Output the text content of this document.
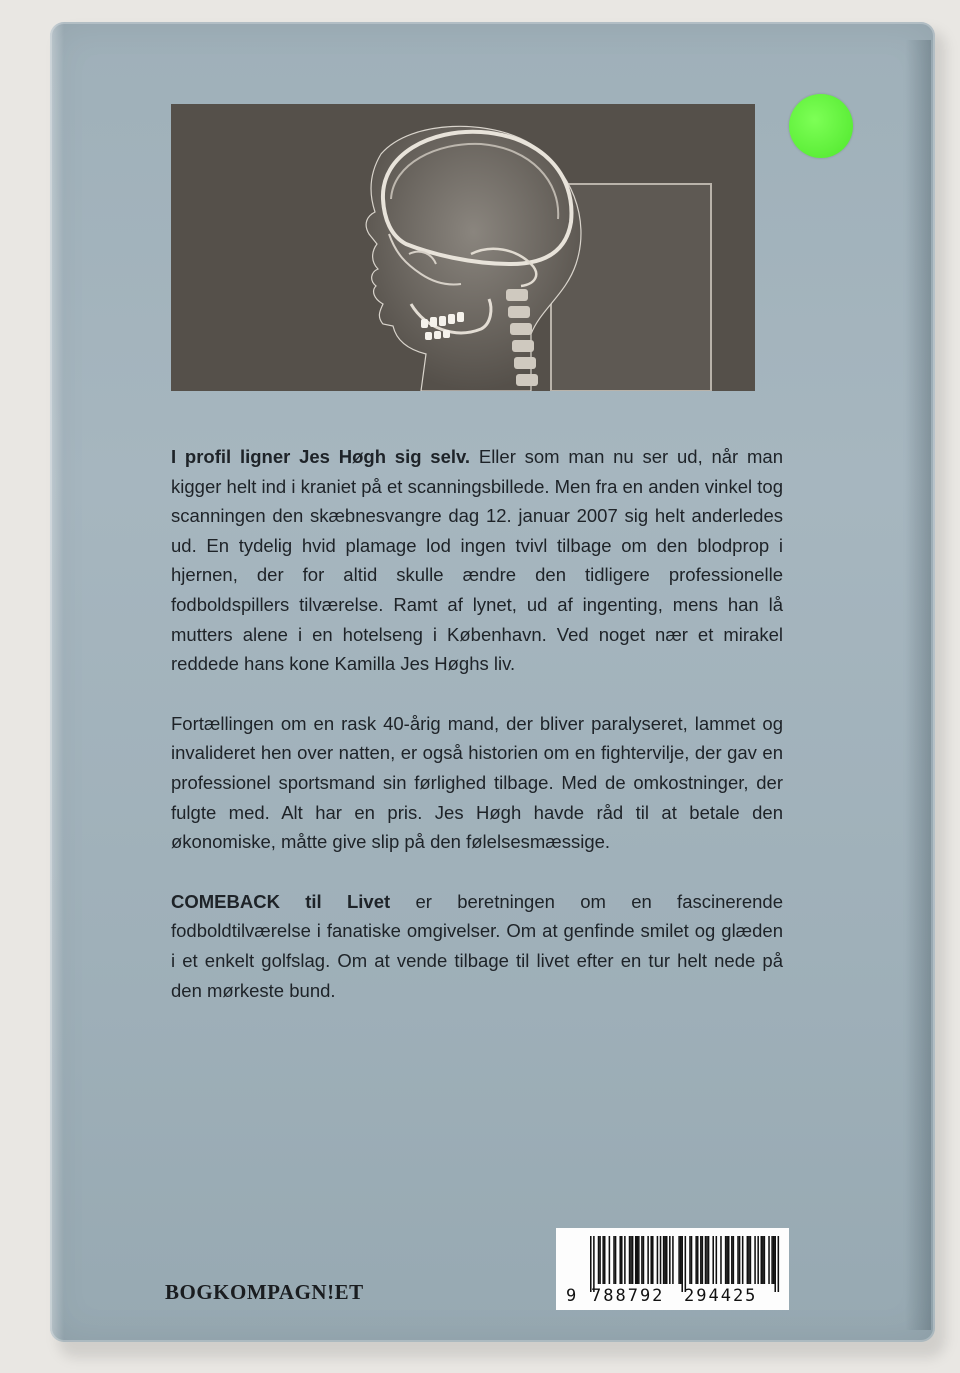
I profil ligner Jes Høgh sig selv. Eller som man nu ser ud, når man kigger helt ind i kraniet på et scanningsbillede. Men fra en anden vinkel tog scanningen den skæbnesvangre dag 12. januar 2007 sig helt anderledes ud. En tydelig hvid plamage lod ingen tvivl tilbage om den blodprop i hjernen, der for altid skulle ændre den tidligere professionelle fodboldspillers tilværelse. Ramt af lynet, ud af ingenting, mens han lå mutters alene i en hotelseng i København. Ved noget nær et mirakel reddede hans kone Kamilla Jes Høghs liv.

Fortællingen om en rask 40-årig mand, der bliver paralyseret, lammet og invalideret hen over natten, er også historien om en fightervilje, der gav en professionel sportsmand sin førlighed tilbage. Med de omkostninger, der fulgte med. Alt har en pris. Jes Høgh havde råd til at betale den økonomiske, måtte give slip på den følelsesmæssige.

COMEBACK til Livet er beretningen om en fascinerende fodboldtilværelse i fanatiske omgivelser. Om at genfinde smilet og glæden i et enkelt golfslag. Om at vende tilbage til livet efter en tur helt nede på den mørkeste bund.

BOGKOMPAGN!ET	9 788792 294425
